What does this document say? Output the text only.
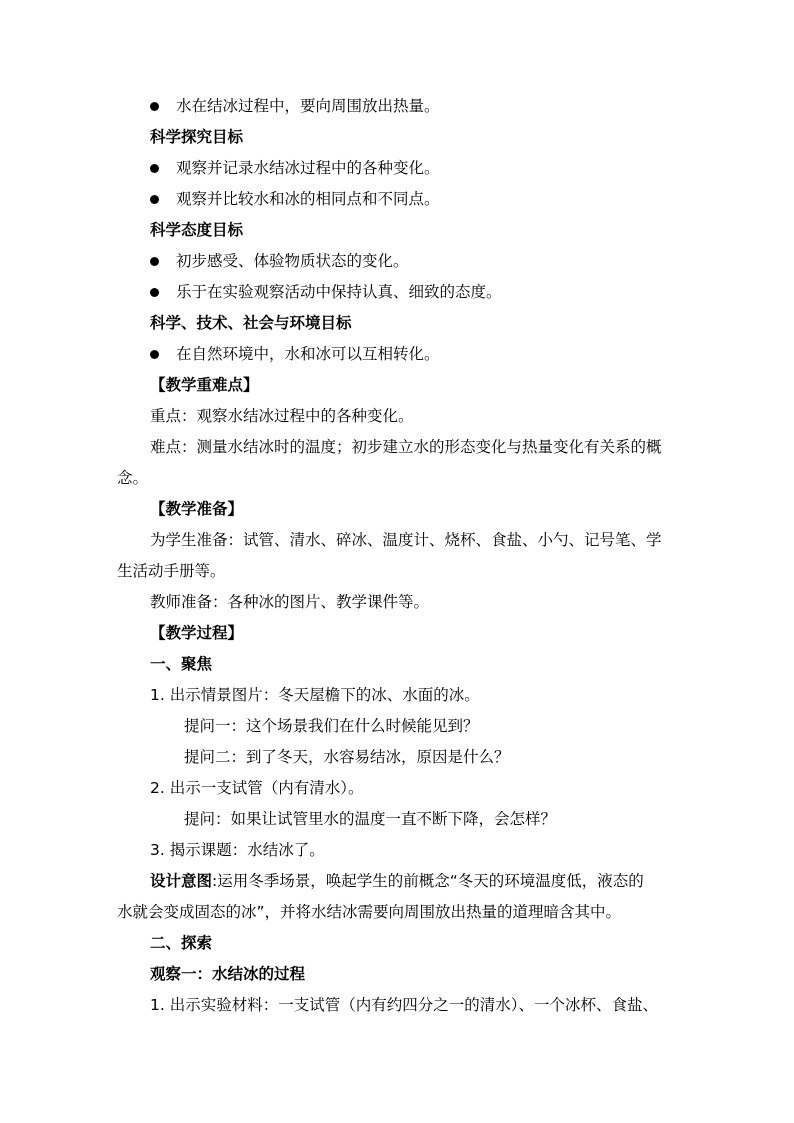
水在结冰过程中，要向周围放出热量。
科学探究目标
观察并记录水结冰过程中的各种变化。
观察并比较水和冰的相同点和不同点。
科学态度目标
初步感受、体验物质状态的变化。
乐于在实验观察活动中保持认真、细致的态度。
科学、技术、社会与环境目标
在自然环境中，水和冰可以互相转化。
【教学重难点】
重点：观察水结冰过程中的各种变化。
难点：测量水结冰时的温度；初步建立水的形态变化与热量变化有关系的概
念。
【教学准备】
为学生准备：试管、清水、碎冰、温度计、烧杯、食盐、小勺、记号笔、学
生活动手册等。
教师准备：各种冰的图片、教学课件等。
【教学过程】
一、聚焦
1. 出示情景图片：冬天屋檐下的冰、水面的冰。
提问一：这个场景我们在什么时候能见到？
提问二：到了冬天，水容易结冰，原因是什么？
2. 出示一支试管（内有清水）。
提问：如果让试管里水的温度一直不断下降，会怎样？
3. 揭示课题：水结冰了。
设计意图:运用冬季场景，唤起学生的前概念“冬天的环境温度低，液态的
水就会变成固态的冰”，并将水结冰需要向周围放出热量的道理暗含其中。
二、探索
观察一：水结冰的过程
1. 出示实验材料：一支试管（内有约四分之一的清水）、一个冰杯、食盐、
